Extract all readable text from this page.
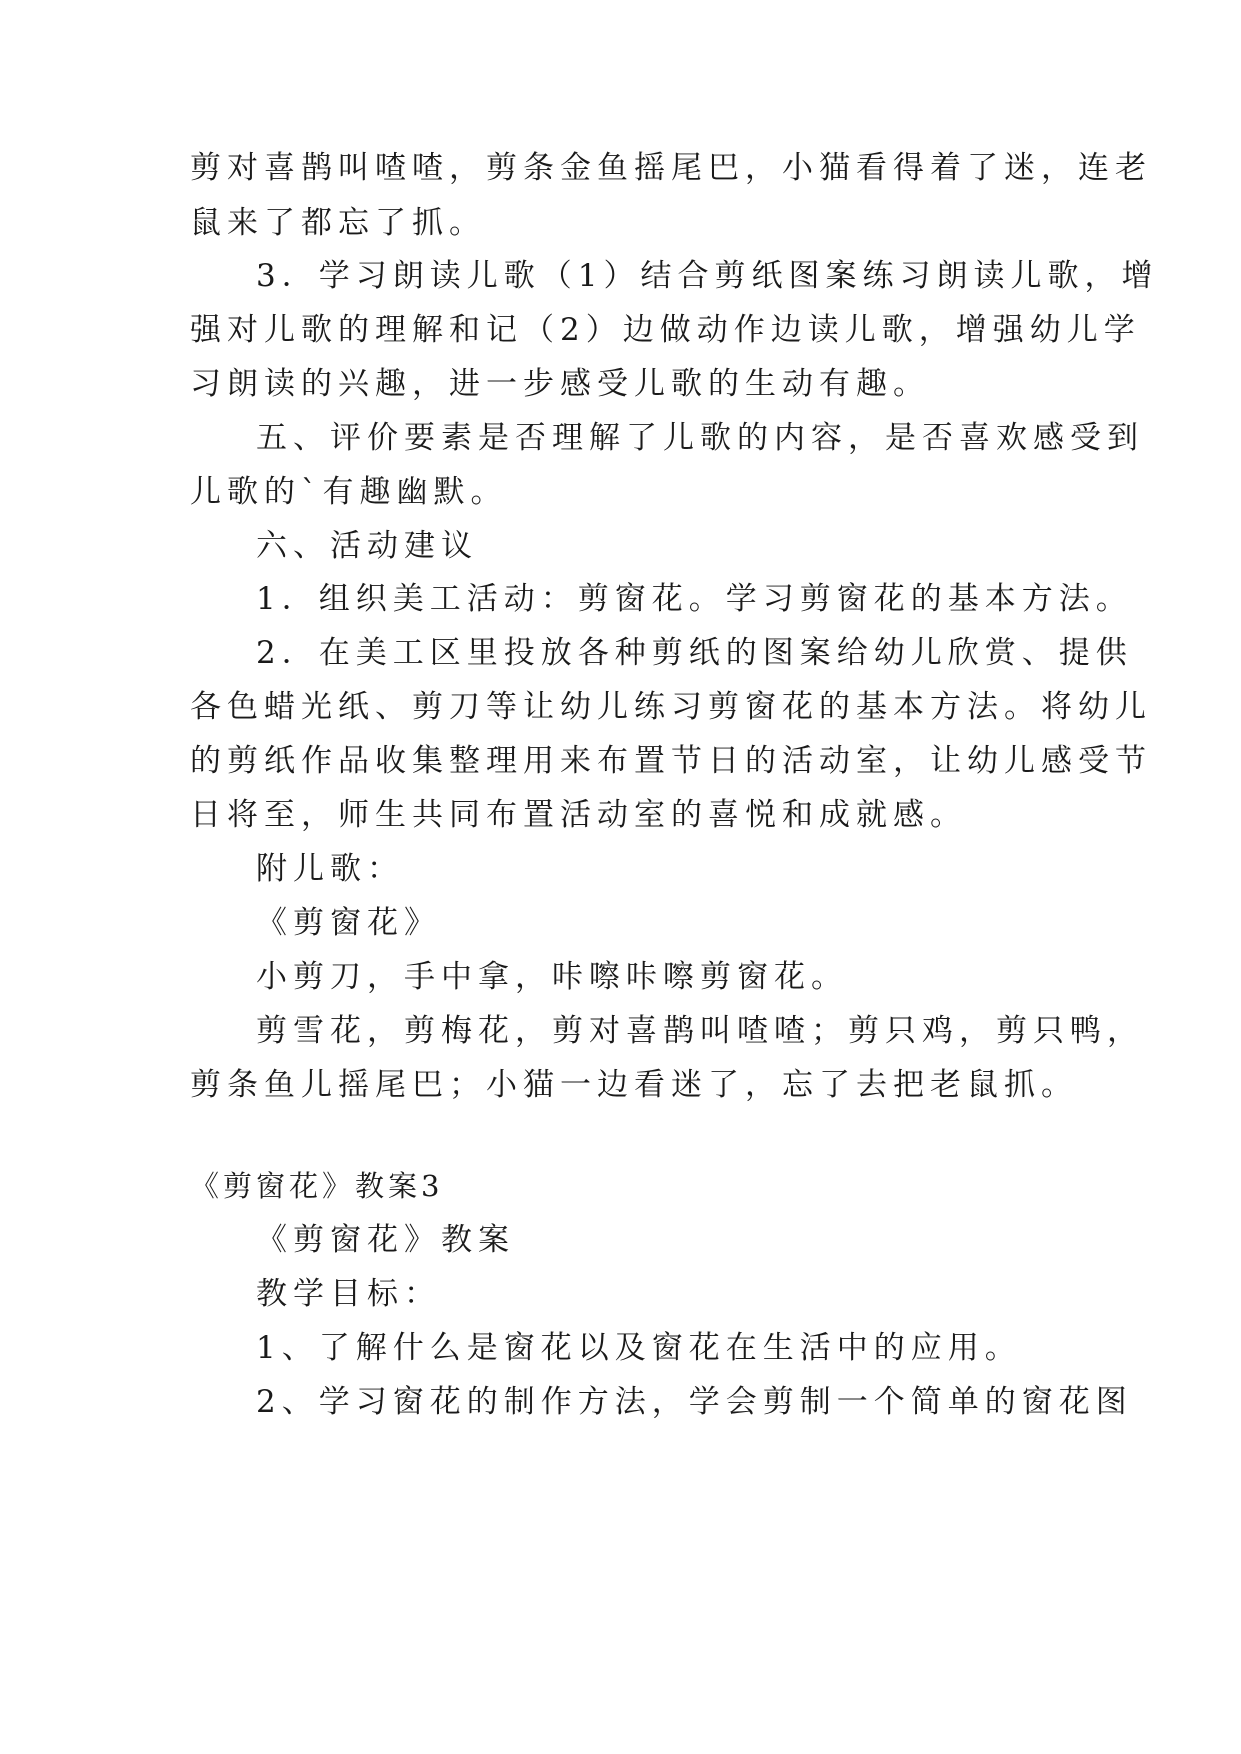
剪对喜鹊叫喳喳，剪条金鱼摇尾巴，小猫看得着了迷，连老
鼠来了都忘了抓。
3．学习朗读儿歌（1）结合剪纸图案练习朗读儿歌，增
强对儿歌的理解和记（2）边做动作边读儿歌，增强幼儿学
习朗读的兴趣，进一步感受儿歌的生动有趣。
五、评价要素是否理解了儿歌的内容，是否喜欢感受到
儿歌的`有趣幽默。
六、活动建议
1．组织美工活动：剪窗花。学习剪窗花的基本方法。
2．在美工区里投放各种剪纸的图案给幼儿欣赏、提供
各色蜡光纸、剪刀等让幼儿练习剪窗花的基本方法。将幼儿
的剪纸作品收集整理用来布置节日的活动室，让幼儿感受节
日将至，师生共同布置活动室的喜悦和成就感。
附儿歌：
《剪窗花》
小剪刀，手中拿，咔嚓咔嚓剪窗花。
剪雪花，剪梅花，剪对喜鹊叫喳喳；剪只鸡，剪只鸭，
剪条鱼儿摇尾巴；小猫一边看迷了，忘了去把老鼠抓。
《剪窗花》教案3
《剪窗花》教案
教学目标：
1、了解什么是窗花以及窗花在生活中的应用。
2、学习窗花的制作方法，学会剪制一个简单的窗花图
